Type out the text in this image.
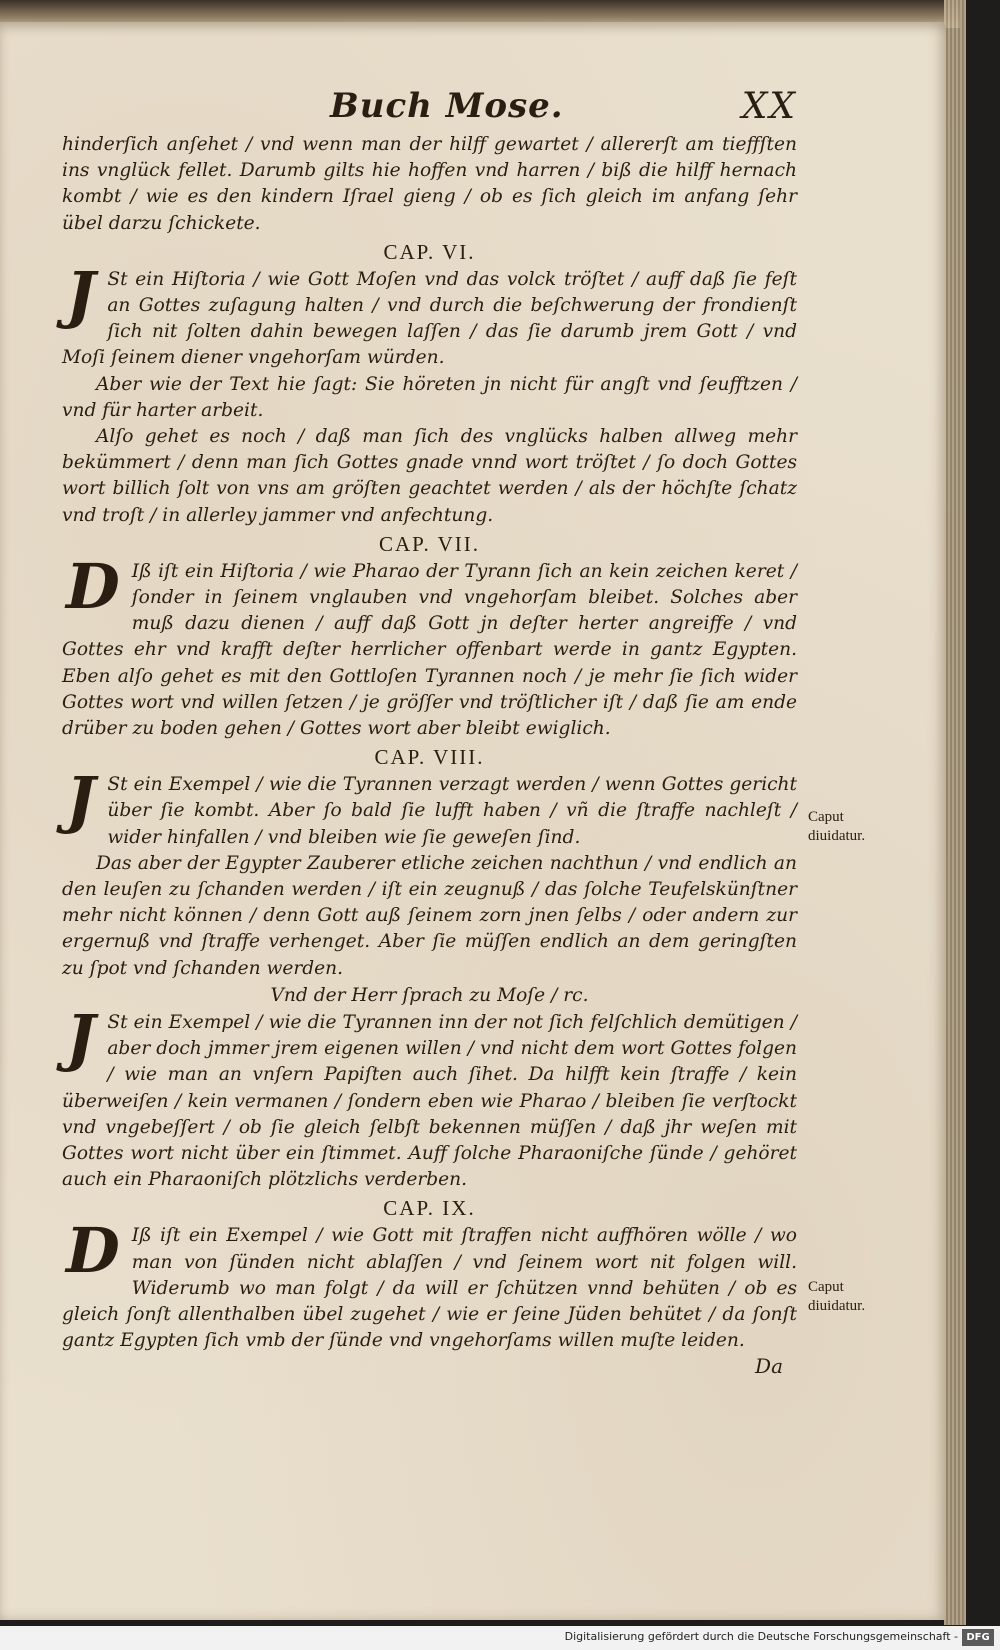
Buch Mose.	XX

hinderſich anſehet / vnd wenn man der hilff gewartet / allererſt am tieffſten ins vnglück fellet. Darumb gilts hie hoffen vnd harren / biß die hilff hernach kombt / wie es den kindern Iſrael gieng / ob es ſich gleich im anfang ſehr übel darzu ſchickete.

CAP. VI.

J St ein Hiſtoria / wie Gott Moſen vnd das volck tröſtet / auff daß ſie feſt an Gottes zuſagung halten / vnd durch die beſchwerung der frondienſt ſich nit ſolten dahin bewegen laſſen / das ſie darumb jrem Gott / vnd Moſi ſeinem diener vngehorſam würden.

Aber wie der Text hie ſagt: Sie höreten jn nicht für angſt vnd ſeufftzen / vnd für harter arbeit.

Alſo gehet es noch / daß man ſich des vnglücks halben allweg mehr bekümmert / denn man ſich Gottes gnade vnnd wort tröſtet / ſo doch Gottes wort billich ſolt von vns am gröſten geachtet werden / als der höchſte ſchatz vnd troſt / in allerley jammer vnd anfechtung.

CAP. VII.

D Iß iſt ein Hiſtoria / wie Pharao der Tyrann ſich an kein zeichen keret / ſonder in ſeinem vnglauben vnd vngehorſam bleibet. Solches aber muß dazu dienen / auff daß Gott jn deſter herter angreiffe / vnd Gottes ehr vnd krafft deſter herrlicher offenbart werde in gantz Egypten. Eben alſo gehet es mit den Gottloſen Tyrannen noch / je mehr ſie ſich wider Gottes wort vnd willen ſetzen / je gröſſer vnd tröſtlicher iſt / daß ſie am ende drüber zu boden gehen / Gottes wort aber bleibt ewiglich.

CAP. VIII.

J St ein Exempel / wie die Tyrannen verzagt werden / wenn Gottes gericht über ſie kombt. Aber ſo bald ſie lufft haben / vñ die ſtraffe nachleſt / wider hinfallen / vnd bleiben wie ſie geweſen ſind.

Das aber der Egypter Zauberer etliche zeichen nachthun / vnd endlich an den leuſen zu ſchanden werden / iſt ein zeugnuß / das ſolche Teufelskünſtner mehr nicht können / denn Gott auß ſeinem zorn jnen ſelbs / oder andern zur ergernuß vnd ſtraffe verhenget. Aber ſie müſſen endlich an dem geringſten zu ſpot vnd ſchanden werden.

Vnd der Herr ſprach zu Moſe / rc.

J St ein Exempel / wie die Tyrannen inn der not ſich felſchlich demütigen / aber doch jmmer jrem eigenen willen / vnd nicht dem wort Gottes folgen / wie man an vnſern Papiſten auch ſihet. Da hilfft kein ſtraffe / kein überweiſen / kein vermanen / ſondern eben wie Pharao / bleiben ſie verſtockt vnd vngebeſſert / ob ſie gleich ſelbſt bekennen müſſen / daß jhr weſen mit Gottes wort nicht über ein ſtimmet. Auff ſolche Pharaoniſche ſünde / gehöret auch ein Pharaoniſch plötzlichs verderben.

CAP. IX.

D Iß iſt ein Exempel / wie Gott mit ſtraffen nicht auffhören wölle / wo man von ſünden nicht ablaſſen / vnd ſeinem wort nit folgen will. Widerumb wo man folgt / da will er ſchützen vnnd behüten / ob es gleich ſonſt allenthalben übel zugehet / wie er ſeine Jüden behütet / da ſonſt gantz Egypten ſich vmb der ſünde vnd vngehorſams willen muſte leiden.

Da
Caput diuidatur.
Caput diuidatur.
Digitalisierung gefördert durch die Deutsche Forschungsgemeinschaft - DFG
